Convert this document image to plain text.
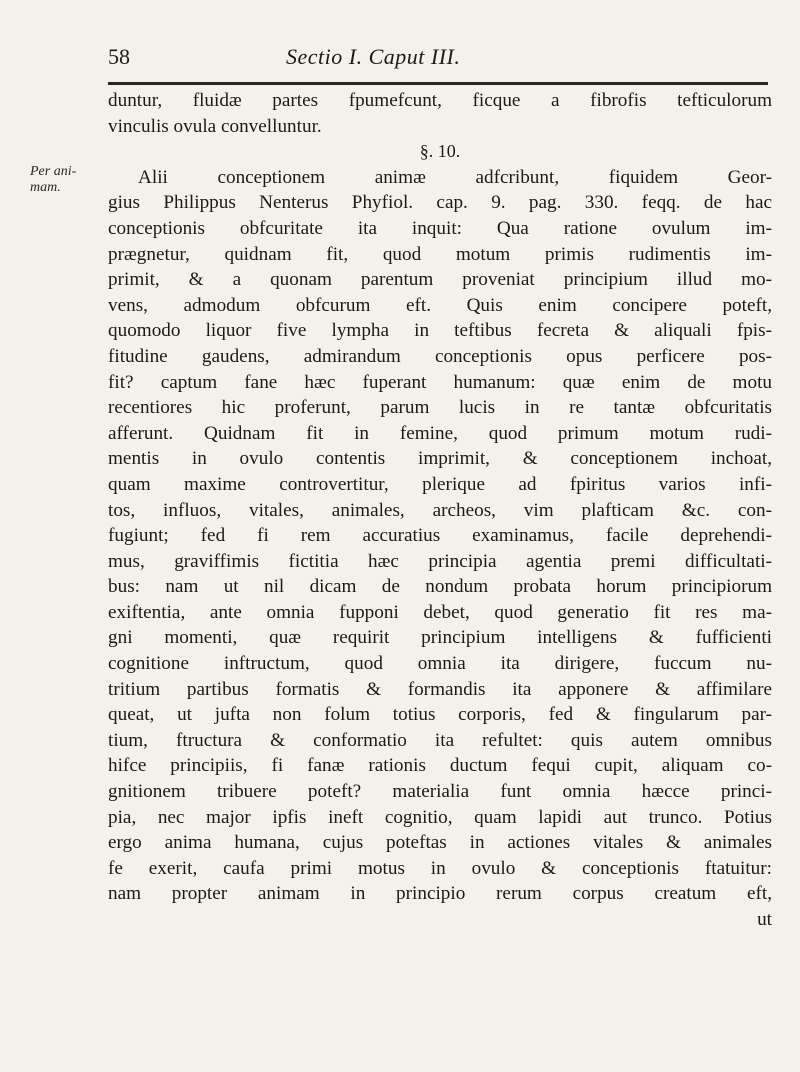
58	Sectio I. Caput III.
Per ani-
mam.
duntur, fluidæ partes fpumefcunt, ficque a fibrofis tefticulorum
vinculis ovula convelluntur.
§. 10.
Alii conceptionem animæ adfcribunt, fiquidem Geor-
gius Philippus Nenterus Phyfiol. cap. 9. pag. 330. feqq. de hac
conceptionis obfcuritate ita inquit: Qua ratione ovulum im-
prægnetur, quidnam fit, quod motum primis rudimentis im-
primit, & a quonam parentum proveniat principium illud mo-
vens, admodum obfcurum eft. Quis enim concipere poteft,
quomodo liquor five lympha in teftibus fecreta & aliquali fpis-
fitudine gaudens, admirandum conceptionis opus perficere pos-
fit? captum fane hæc fuperant humanum: quæ enim de motu
recentiores hic proferunt, parum lucis in re tantæ obfcuritatis
afferunt. Quidnam fit in femine, quod primum motum rudi-
mentis in ovulo contentis imprimit, & conceptionem inchoat,
quam maxime controvertitur, plerique ad fpiritus varios infi-
tos, influos, vitales, animales, archeos, vim plafticam &c. con-
fugiunt; fed fi rem accuratius examinamus, facile deprehendi-
mus, graviffimis fictitia hæc principia agentia premi difficultati-
bus: nam ut nil dicam de nondum probata horum principiorum
exiftentia, ante omnia fupponi debet, quod generatio fit res ma-
gni momenti, quæ requirit principium intelligens & fufficienti
cognitione inftructum, quod omnia ita dirigere, fuccum nu-
tritium partibus formatis & formandis ita apponere & affimilare
queat, ut jufta non folum totius corporis, fed & fingularum par-
tium, ftructura & conformatio ita refultet: quis autem omnibus
hifce principiis, fi fanæ rationis ductum fequi cupit, aliquam co-
gnitionem tribuere poteft? materialia funt omnia hæcce princi-
pia, nec major ipfis ineft cognitio, quam lapidi aut trunco. Potius
ergo anima humana, cujus poteftas in actiones vitales & animales
fe exerit, caufa primi motus in ovulo & conceptionis ftatuitur:
nam propter animam in principio rerum corpus creatum eft,
ut
